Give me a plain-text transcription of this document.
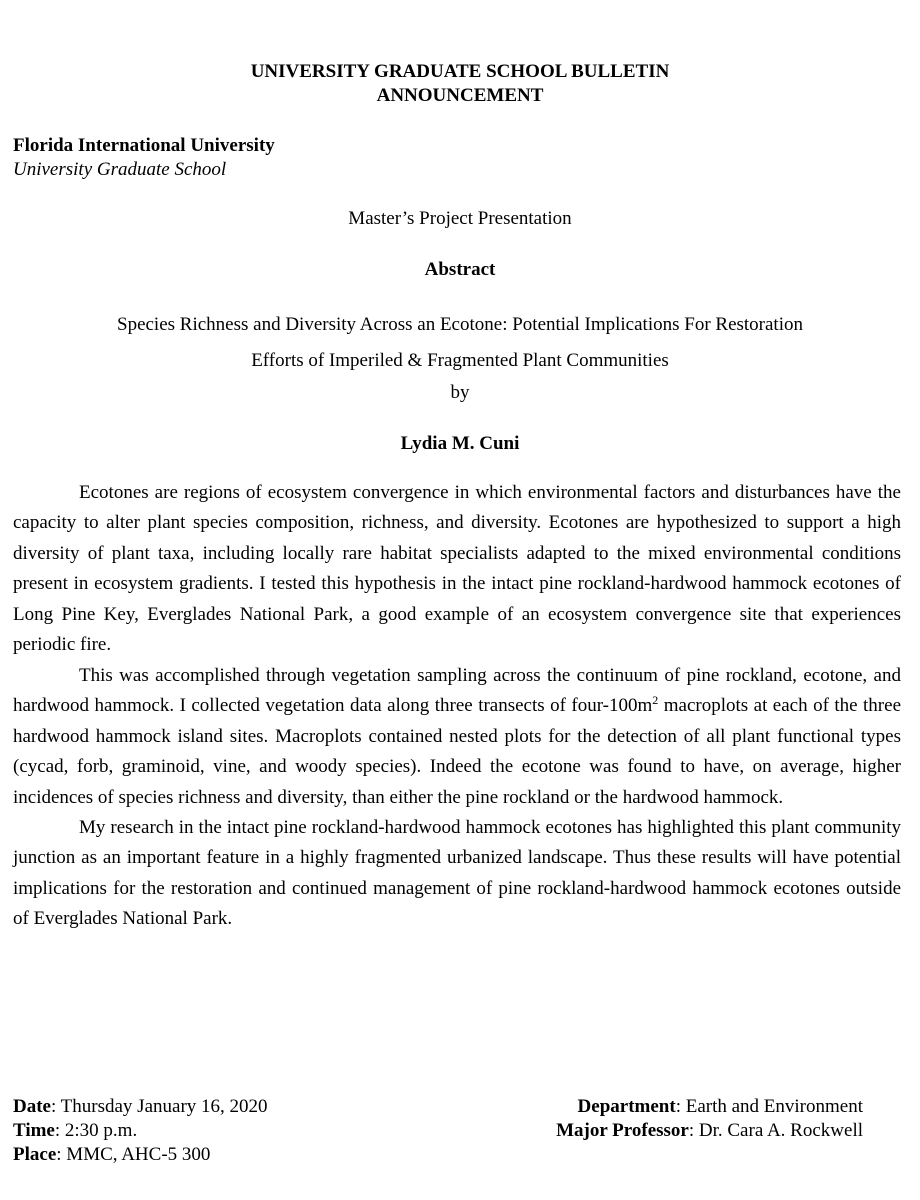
UNIVERSITY GRADUATE SCHOOL BULLETIN
ANNOUNCEMENT
Florida International University
University Graduate School
Master’s Project Presentation
Abstract
Species Richness and Diversity Across an Ecotone: Potential Implications For Restoration
Efforts of Imperiled & Fragmented Plant Communities
by
Lydia M. Cuni

Ecotones are regions of ecosystem convergence in which environmental factors and disturbances have the capacity to alter plant species composition, richness, and diversity. Ecotones are hypothesized to support a high diversity of plant taxa, including locally rare habitat specialists adapted to the mixed environmental conditions present in ecosystem gradients. I tested this hypothesis in the intact pine rockland-hardwood hammock ecotones of Long Pine Key, Everglades National Park, a good example of an ecosystem convergence site that experiences periodic fire.

This was accomplished through vegetation sampling across the continuum of pine rockland, ecotone, and hardwood hammock. I collected vegetation data along three transects of four-$100m^2$ macroplots at each of the three hardwood hammock island sites. Macroplots contained nested plots for the detection of all plant functional types (cycad, forb, graminoid, vine, and woody species). Indeed the ecotone was found to have, on average, higher incidences of species richness and diversity, than either the pine rockland or the hardwood hammock.

My research in the intact pine rockland-hardwood hammock ecotones has highlighted this plant community junction as an important feature in a highly fragmented urbanized landscape. Thus these results will have potential implications for the restoration and continued management of pine rockland-hardwood hammock ecotones outside of Everglades National Park.

Date: Thursday January 16, 2020
Time: 2:30 p.m.
Place: MMC, AHC-5 300
Department: Earth and Environment
Major Professor: Dr. Cara A. Rockwell
